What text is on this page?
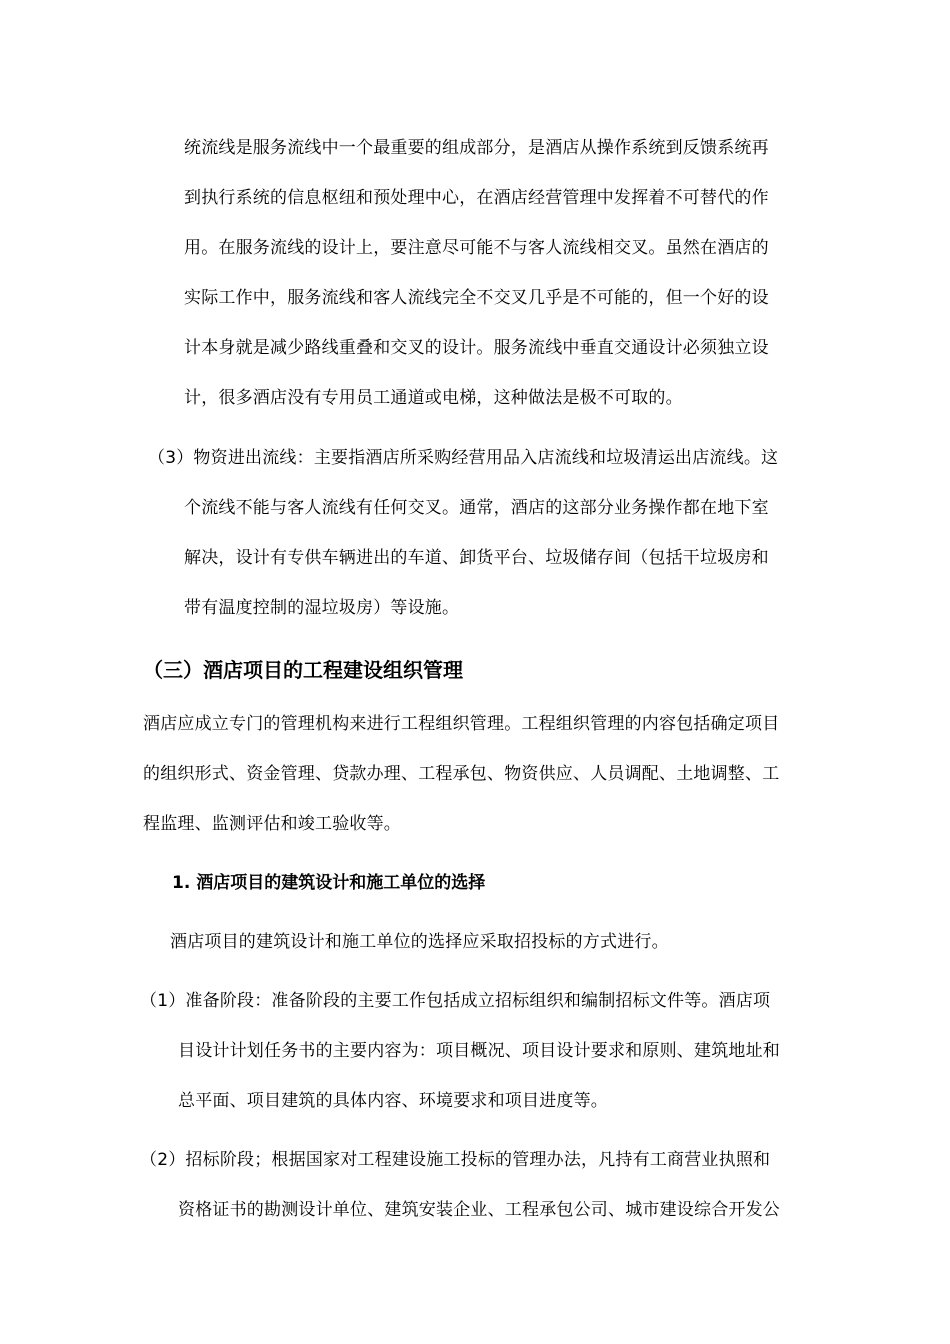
统流线是服务流线中一个最重要的组成部分，是酒店从操作系统到反馈系统再
到执行系统的信息枢纽和预处理中心，在酒店经营管理中发挥着不可替代的作
用。在服务流线的设计上，要注意尽可能不与客人流线相交叉。虽然在酒店的
实际工作中，服务流线和客人流线完全不交叉几乎是不可能的，但一个好的设
计本身就是减少路线重叠和交叉的设计。服务流线中垂直交通设计必须独立设
计，很多酒店没有专用员工通道或电梯，这种做法是极不可取的。
（3）物资进出流线：主要指酒店所采购经营用品入店流线和垃圾清运出店流线。这
个流线不能与客人流线有任何交叉。通常，酒店的这部分业务操作都在地下室
解决，设计有专供车辆进出的车道、卸货平台、垃圾储存间（包括干垃圾房和
带有温度控制的湿垃圾房）等设施。
（三）酒店项目的工程建设组织管理
酒店应成立专门的管理机构来进行工程组织管理。工程组织管理的内容包括确定项目
的组织形式、资金管理、贷款办理、工程承包、物资供应、人员调配、土地调整、工
程监理、监测评估和竣工验收等。
1. 酒店项目的建筑设计和施工单位的选择
酒店项目的建筑设计和施工单位的选择应采取招投标的方式进行。
（1）准备阶段：准备阶段的主要工作包括成立招标组织和编制招标文件等。酒店项
目设计计划任务书的主要内容为：项目概况、项目设计要求和原则、建筑地址和
总平面、项目建筑的具体内容、环境要求和项目进度等。
（2）招标阶段；根据国家对工程建设施工投标的管理办法，凡持有工商营业执照和
资格证书的勘测设计单位、建筑安装企业、工程承包公司、城市建设综合开发公
